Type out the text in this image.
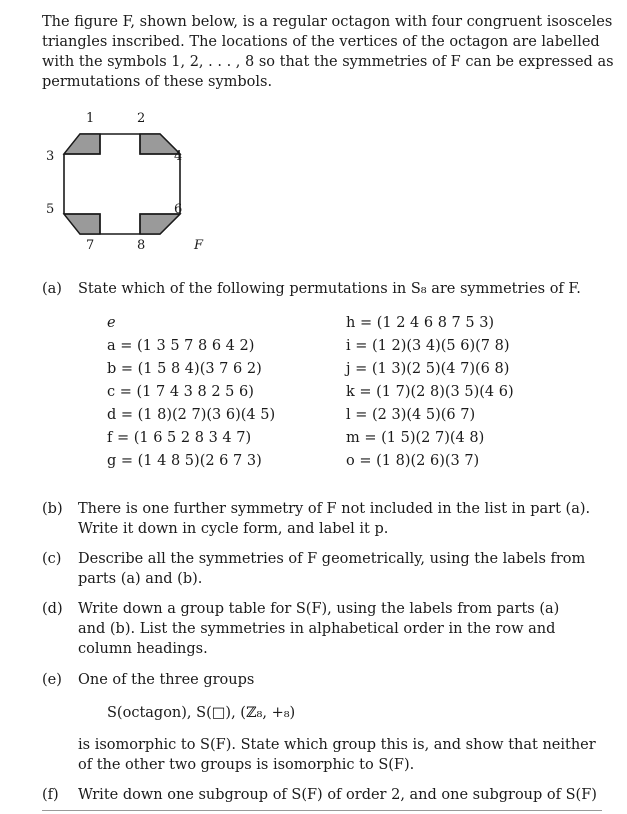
The figure F, shown below, is a regular octagon with four congruent isosceles
triangles inscribed. The locations of the vertices of the octagon are labelled
with the symbols 1, 2, . . . , 8 so that the symmetries of F can be expressed as
permutations of these symbols.
1	2
3	4
5	6
7	8	F
(a) State which of the following permutations in S₈ are symmetries of F.
e
a = (1 3 5 7 8 6 4 2)
b = (1 5 8 4)(3 7 6 2)
c = (1 7 4 3 8 2 5 6)
d = (1 8)(2 7)(3 6)(4 5)
f = (1 6 5 2 8 3 4 7)
g = (1 4 8 5)(2 6 7 3)
h = (1 2 4 6 8 7 5 3)
i = (1 2)(3 4)(5 6)(7 8)
j = (1 3)(2 5)(4 7)(6 8)
k = (1 7)(2 8)(3 5)(4 6)
l = (2 3)(4 5)(6 7)
m = (1 5)(2 7)(4 8)
o = (1 8)(2 6)(3 7)
(b) There is one further symmetry of F not included in the list in part (a).
Write it down in cycle form, and label it p.
(c) Describe all the symmetries of F geometrically, using the labels from
parts (a) and (b).
(d) Write down a group table for S(F), using the labels from parts (a)
and (b). List the symmetries in alphabetical order in the row and
column headings.
(e) One of the three groups
S(octagon), S(□), (ℤ₈, +₈)
is isomorphic to S(F). State which group this is, and show that neither
of the other two groups is isomorphic to S(F).
(f) Write down one subgroup of S(F) of order 2, and one subgroup of S(F)
